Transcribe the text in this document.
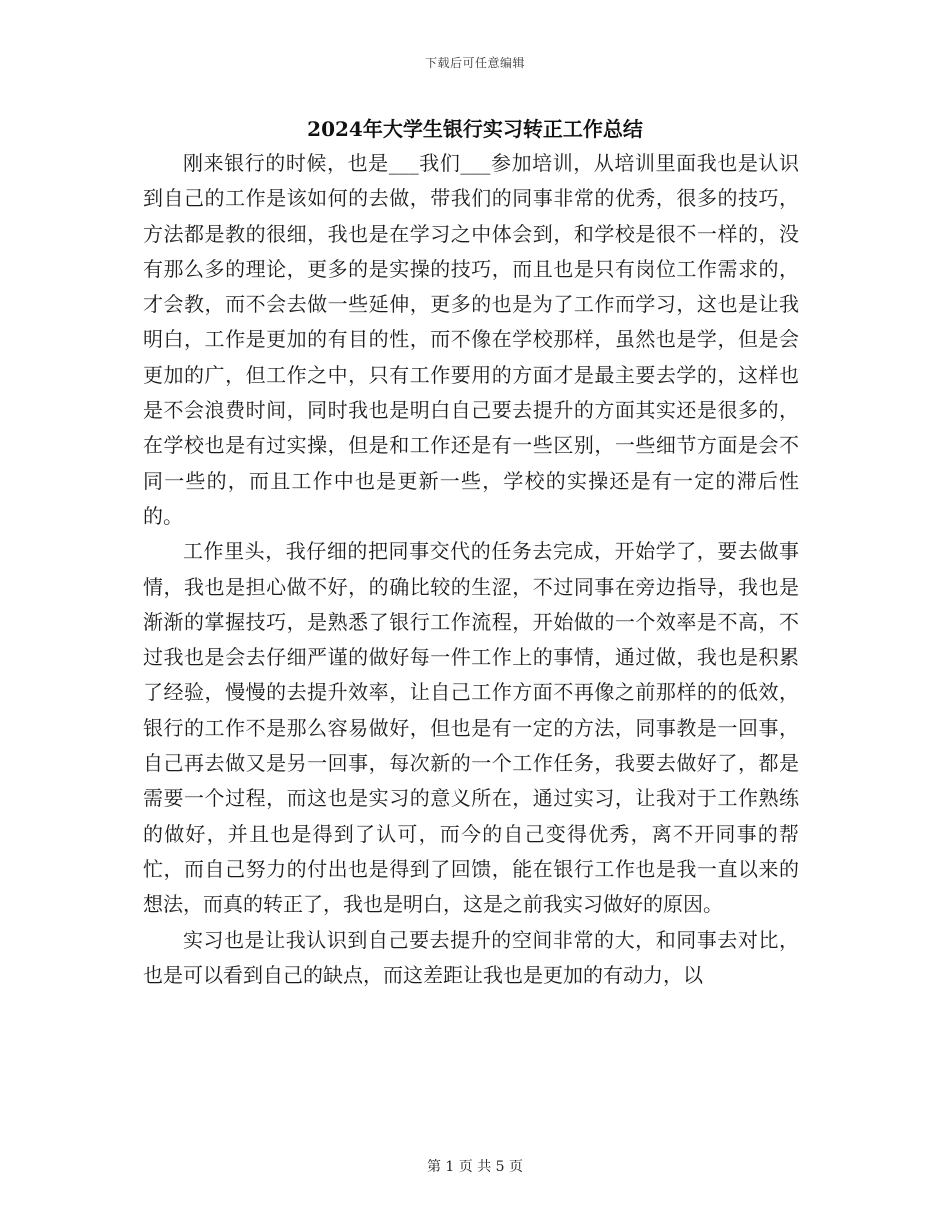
下载后可任意编辑
2024年大学生银行实习转正工作总结

刚来银行的时候，也是___我们___参加培训，从培训里面我也是认识到自己的工作是该如何的去做，带我们的同事非常的优秀，很多的技巧，方法都是教的很细，我也是在学习之中体会到，和学校是很不一样的，没有那么多的理论，更多的是实操的技巧，而且也是只有岗位工作需求的，才会教，而不会去做一些延伸，更多的也是为了工作而学习，这也是让我明白，工作是更加的有目的性，而不像在学校那样，虽然也是学，但是会更加的广，但工作之中，只有工作要用的方面才是最主要去学的，这样也是不会浪费时间，同时我也是明白自己要去提升的方面其实还是很多的，在学校也是有过实操，但是和工作还是有一些区别，一些细节方面是会不同一些的，而且工作中也是更新一些，学校的实操还是有一定的滞后性的。

工作里头，我仔细的把同事交代的任务去完成，开始学了，要去做事情，我也是担心做不好，的确比较的生涩，不过同事在旁边指导，我也是渐渐的掌握技巧，是熟悉了银行工作流程，开始做的一个效率是不高，不过我也是会去仔细严谨的做好每一件工作上的事情，通过做，我也是积累了经验，慢慢的去提升效率，让自己工作方面不再像之前那样的的低效，银行的工作不是那么容易做好，但也是有一定的方法，同事教是一回事，自己再去做又是另一回事，每次新的一个工作任务，我要去做好了，都是需要一个过程，而这也是实习的意义所在，通过实习，让我对于工作熟练的做好，并且也是得到了认可，而今的自己变得优秀，离不开同事的帮忙，而自己努力的付出也是得到了回馈，能在银行工作也是我一直以来的想法，而真的转正了，我也是明白，这是之前我实习做好的原因。

实习也是让我认识到自己要去提升的空间非常的大，和同事去对比，也是可以看到自己的缺点，而这差距让我也是更加的有动力，以

第 1 页 共 5 页
